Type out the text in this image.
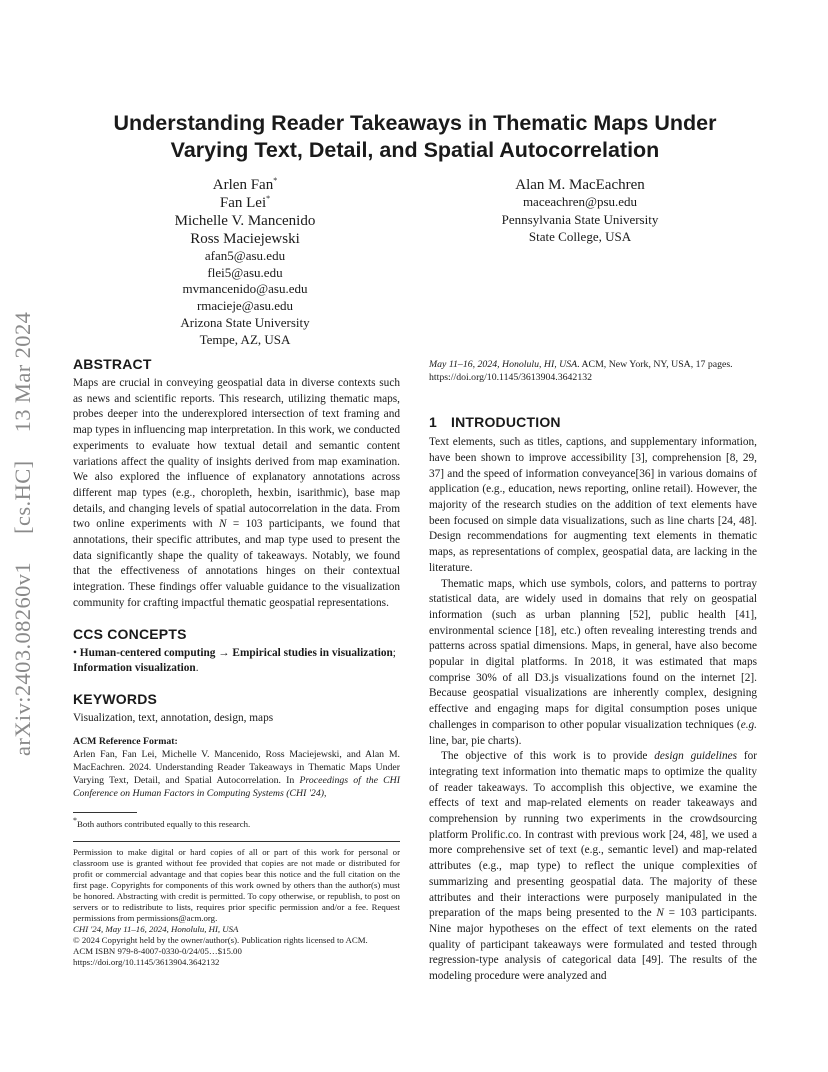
arXiv:2403.08260v1  [cs.HC]  13 Mar 2024
Understanding Reader Takeaways in Thematic Maps Under
Varying Text, Detail, and Spatial Autocorrelation
Arlen Fan*
Fan Lei*
Michelle V. Mancenido
Ross Maciejewski
afan5@asu.edu
flei5@asu.edu
mvmancenido@asu.edu
rmacieje@asu.edu
Arizona State University
Tempe, AZ, USA
Alan M. MacEachren
maceachren@psu.edu
Pennsylvania State University
State College, USA
ABSTRACT

Maps are crucial in conveying geospatial data in diverse contexts such as news and scientific reports. This research, utilizing thematic maps, probes deeper into the underexplored intersection of text framing and map types in influencing map interpretation. In this work, we conducted experiments to evaluate how textual detail and semantic content variations affect the quality of insights derived from map examination. We also explored the influence of explanatory annotations across different map types (e.g., choropleth, hexbin, isarithmic), base map details, and changing levels of spatial autocorrelation in the data. From two online experiments with N = 103 participants, we found that annotations, their specific attributes, and map type used to present the data significantly shape the quality of takeaways. Notably, we found that the effectiveness of annotations hinges on their contextual integration. These findings offer valuable guidance to the visualization community for crafting impactful thematic geospatial representations.

CCS CONCEPTS

• Human-centered computing → Empirical studies in visualization; Information visualization.

KEYWORDS

Visualization, text, annotation, design, maps

ACM Reference Format:

Arlen Fan, Fan Lei, Michelle V. Mancenido, Ross Maciejewski, and Alan M. MacEachren. 2024. Understanding Reader Takeaways in Thematic Maps Under Varying Text, Detail, and Spatial Autocorrelation. In Proceedings of the CHI Conference on Human Factors in Computing Systems (CHI '24),

*Both authors contributed equally to this research.

Permission to make digital or hard copies of all or part of this work for personal or classroom use is granted without fee provided that copies are not made or distributed for profit or commercial advantage and that copies bear this notice and the full citation on the first page. Copyrights for components of this work owned by others than the author(s) must be honored. Abstracting with credit is permitted. To copy otherwise, or republish, to post on servers or to redistribute to lists, requires prior specific permission and/or a fee. Request permissions from permissions@acm.org.

CHI '24, May 11–16, 2024, Honolulu, HI, USA

© 2024 Copyright held by the owner/author(s). Publication rights licensed to ACM.

ACM ISBN 979-8-4007-0330-0/24/05…$15.00

https://doi.org/10.1145/3613904.3642132

May 11–16, 2024, Honolulu, HI, USA. ACM, New York, NY, USA, 17 pages.

https://doi.org/10.1145/3613904.3642132

1 INTRODUCTION

Text elements, such as titles, captions, and supplementary information, have been shown to improve accessibility [3], comprehension [8, 29, 37] and the speed of information conveyance[36] in various domains of application (e.g., education, news reporting, online retail). However, the majority of the research studies on the addition of text elements have been focused on simple data visualizations, such as line charts [24, 48]. Design recommendations for augmenting text elements in thematic maps, as representations of complex, geospatial data, are lacking in the literature.

Thematic maps, which use symbols, colors, and patterns to portray statistical data, are widely used in domains that rely on geospatial information (such as urban planning [52], public health [41], environmental science [18], etc.) often revealing interesting trends and patterns across spatial dimensions. Maps, in general, have also become popular in digital platforms. In 2018, it was estimated that maps comprise 30% of all D3.js visualizations found on the internet [2]. Because geospatial visualizations are inherently complex, designing effective and engaging maps for digital consumption poses unique challenges in comparison to other popular visualization techniques (e.g. line, bar, pie charts).

The objective of this work is to provide design guidelines for integrating text information into thematic maps to optimize the quality of reader takeaways. To accomplish this objective, we examine the effects of text and map-related elements on reader takeaways and comprehension by running two experiments in the crowdsourcing platform Prolific.co. In contrast with previous work [24, 48], we used a more comprehensive set of text (e.g., semantic level) and map-related attributes (e.g., map type) to reflect the unique complexities of summarizing and presenting geospatial data. The majority of these attributes and their interactions were purposely manipulated in the preparation of the maps being presented to the N = 103 participants. Nine major hypotheses on the effect of text elements on the rated quality of participant takeaways were formulated and tested through regression-type analysis of categorical data [49]. The results of the modeling procedure were analyzed and
